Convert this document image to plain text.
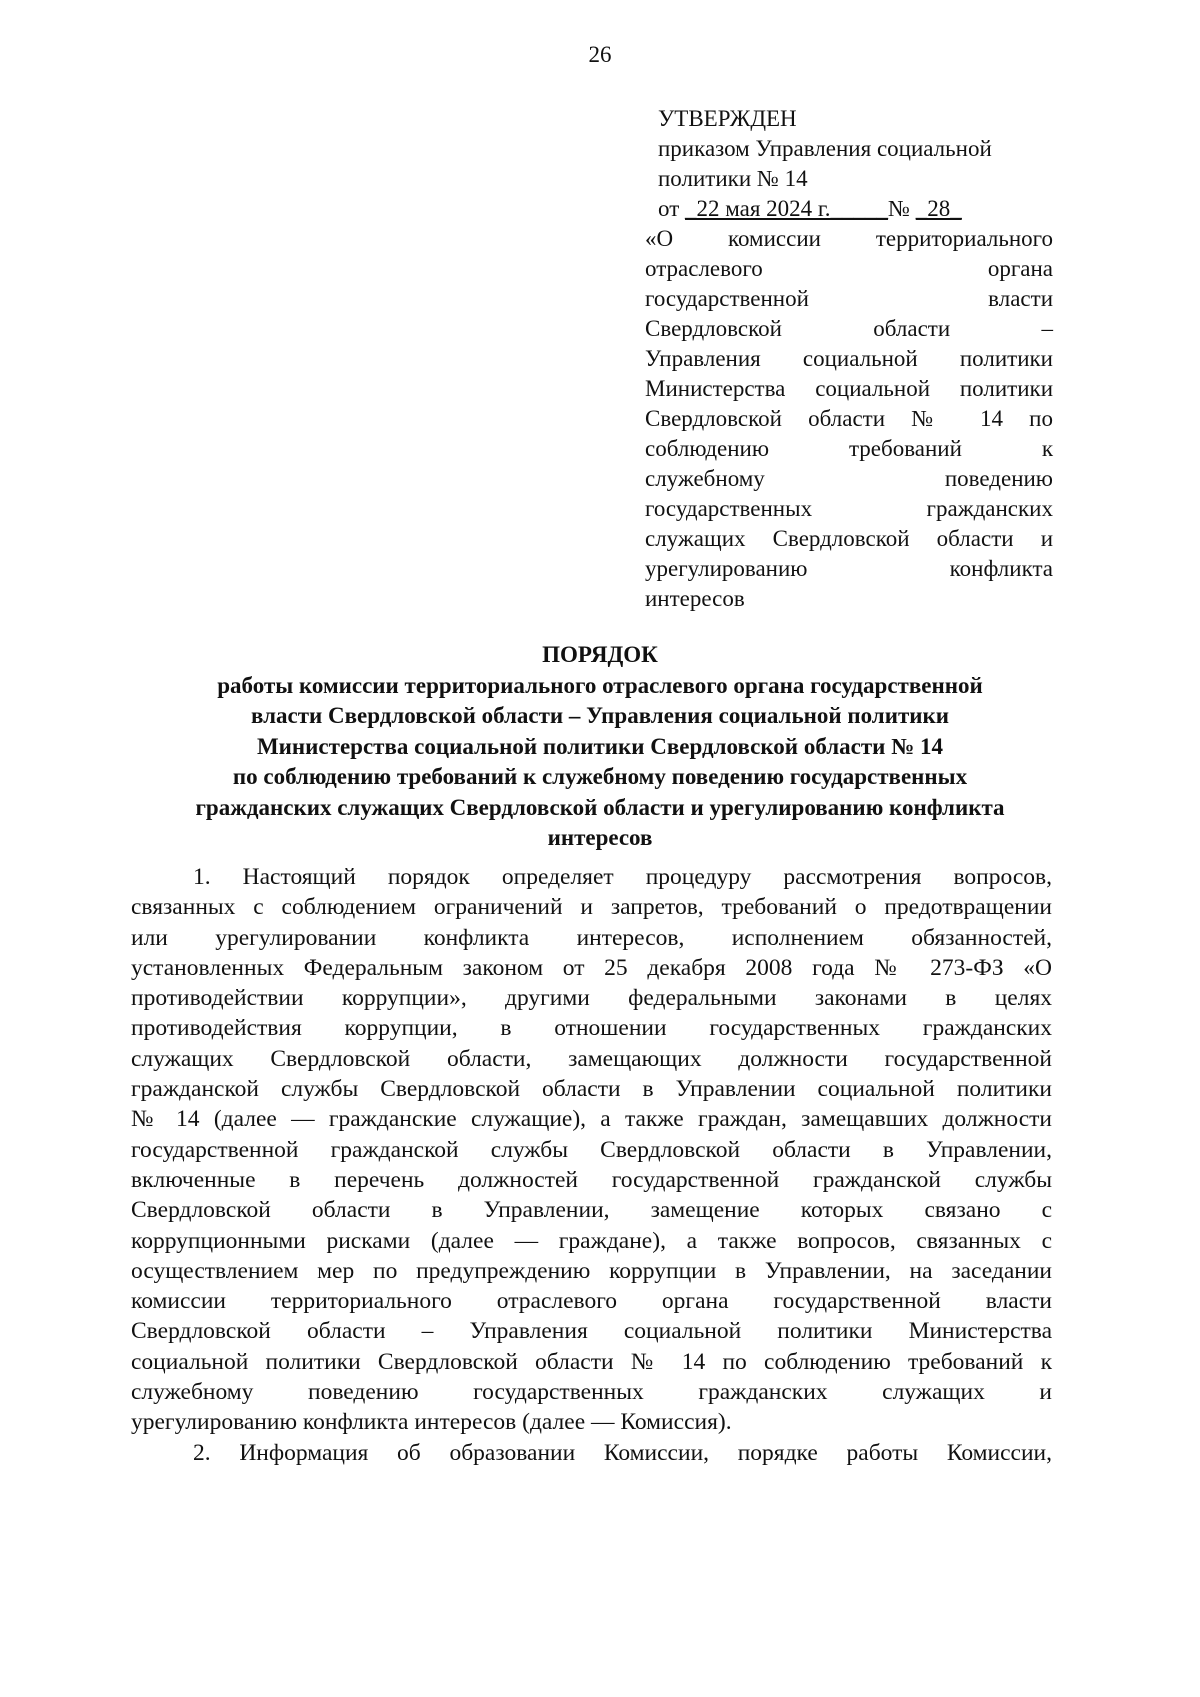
26
УТВЕРЖДЕН
приказом Управления социальной
политики № 14
от _22 мая 2024 г._____№ _28_
«О комиссии территориального
отраслевого органа
государственной власти
Свердловской области –
Управления социальной политики
Министерства социальной политики
Свердловской области № 14 по
соблюдению требований к
служебному поведению
государственных гражданских
служащих Свердловской области и
урегулированию конфликта
интересов
ПОРЯДОК
работы комиссии территориального отраслевого органа государственной
власти Свердловской области – Управления социальной политики
Министерства социальной политики Свердловской области № 14
по соблюдению требований к служебному поведению государственных
гражданских служащих Свердловской области и урегулированию конфликта
интересов
1. Настоящий порядок определяет процедуру рассмотрения вопросов,
связанных с соблюдением ограничений и запретов, требований о предотвращении
или урегулировании конфликта интересов, исполнением обязанностей,
установленных Федеральным законом от 25 декабря 2008 года № 273-ФЗ «О
противодействии коррупции», другими федеральными законами в целях
противодействия коррупции, в отношении государственных гражданских
служащих Свердловской области, замещающих должности государственной
гражданской службы Свердловской области в Управлении социальной политики
№ 14 (далее — гражданские служащие), а также граждан, замещавших должности
государственной гражданской службы Свердловской области в Управлении,
включенные в перечень должностей государственной гражданской службы
Свердловской области в Управлении, замещение которых связано с
коррупционными рисками (далее — граждане), а также вопросов, связанных с
осуществлением мер по предупреждению коррупции в Управлении, на заседании
комиссии территориального отраслевого органа государственной власти
Свердловской области – Управления социальной политики Министерства
социальной политики Свердловской области № 14 по соблюдению требований к
служебному поведению государственных гражданских служащих и
урегулированию конфликта интересов (далее — Комиссия).
2. Информация об образовании Комиссии, порядке работы Комиссии,
